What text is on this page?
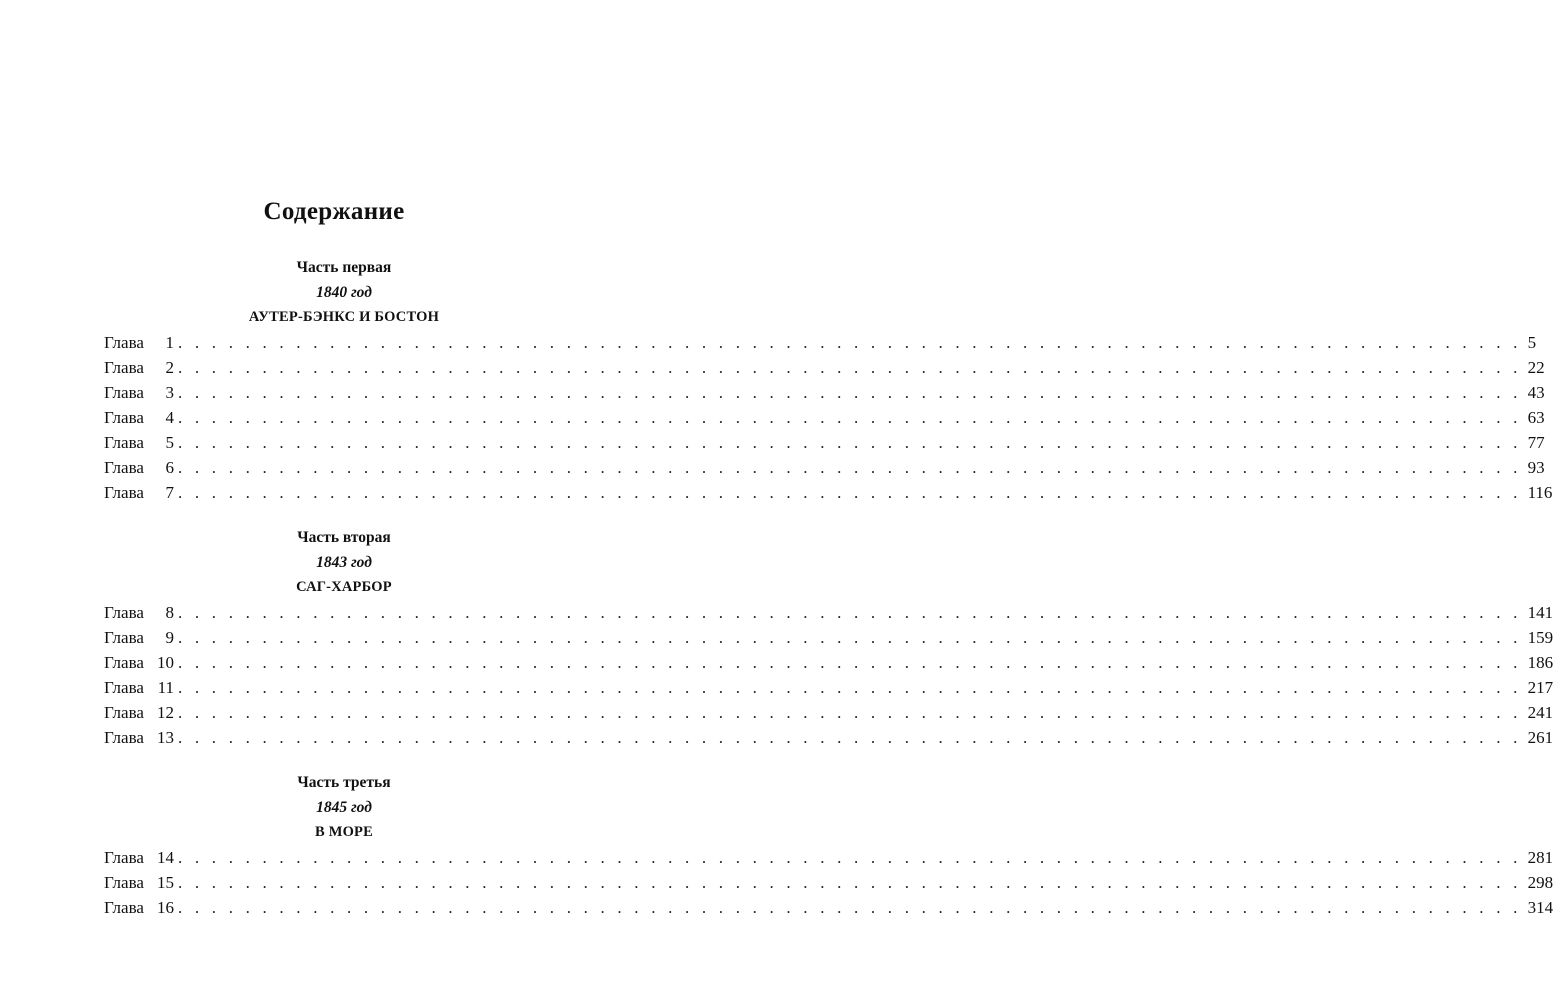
Содержание
Часть первая
1840 год
АУТЕР-БЭНКС И БОСТОН
Глава	1 . . . . . . . . . . . . . . . . . . . . . . . . . . . . . . . . . . . . . . . . . . . . . . . . . . . . . . . . . . . . . . . . . . . . . . . . . . . . . . . . 5
Глава	2 . . . . . . . . . . . . . . . . . . . . . . . . . . . . . . . . . . . . . . . . . . . . . . . . . . . . . . . . . . . . . . . . . . . . . . . . . . . . . . . . 22
Глава	3 . . . . . . . . . . . . . . . . . . . . . . . . . . . . . . . . . . . . . . . . . . . . . . . . . . . . . . . . . . . . . . . . . . . . . . . . . . . . . . . . 43
Глава	4 . . . . . . . . . . . . . . . . . . . . . . . . . . . . . . . . . . . . . . . . . . . . . . . . . . . . . . . . . . . . . . . . . . . . . . . . . . . . . . . . 63
Глава	5 . . . . . . . . . . . . . . . . . . . . . . . . . . . . . . . . . . . . . . . . . . . . . . . . . . . . . . . . . . . . . . . . . . . . . . . . . . . . . . . . 77
Глава	6 . . . . . . . . . . . . . . . . . . . . . . . . . . . . . . . . . . . . . . . . . . . . . . . . . . . . . . . . . . . . . . . . . . . . . . . . . . . . . . . . 93
Глава	7 . . . . . . . . . . . . . . . . . . . . . . . . . . . . . . . . . . . . . . . . . . . . . . . . . . . . . . . . . . . . . . . . . . . . . . . . . . . . . . . . 116
Часть вторая
1843 год
САГ-ХАРБОР
Глава	8 . . . . . . . . . . . . . . . . . . . . . . . . . . . . . . . . . . . . . . . . . . . . . . . . . . . . . . . . . . . . . . . . . . . . . . . . . . . . . . . . 141
Глава	9 . . . . . . . . . . . . . . . . . . . . . . . . . . . . . . . . . . . . . . . . . . . . . . . . . . . . . . . . . . . . . . . . . . . . . . . . . . . . . . . . 159
Глава 10 . . . . . . . . . . . . . . . . . . . . . . . . . . . . . . . . . . . . . . . . . . . . . . . . . . . . . . . . . . . . . . . . . . . . . . . . . . . . . . . . 186
Глава 11 . . . . . . . . . . . . . . . . . . . . . . . . . . . . . . . . . . . . . . . . . . . . . . . . . . . . . . . . . . . . . . . . . . . . . . . . . . . . . . . . 217
Глава 12 . . . . . . . . . . . . . . . . . . . . . . . . . . . . . . . . . . . . . . . . . . . . . . . . . . . . . . . . . . . . . . . . . . . . . . . . . . . . . . . . 241
Глава 13 . . . . . . . . . . . . . . . . . . . . . . . . . . . . . . . . . . . . . . . . . . . . . . . . . . . . . . . . . . . . . . . . . . . . . . . . . . . . . . . . 261
Часть третья
1845 год
В МОРЕ
Глава 14 . . . . . . . . . . . . . . . . . . . . . . . . . . . . . . . . . . . . . . . . . . . . . . . . . . . . . . . . . . . . . . . . . . . . . . . . . . . . . . . . 281
Глава 15 . . . . . . . . . . . . . . . . . . . . . . . . . . . . . . . . . . . . . . . . . . . . . . . . . . . . . . . . . . . . . . . . . . . . . . . . . . . . . . . . 298
Глава 16 . . . . . . . . . . . . . . . . . . . . . . . . . . . . . . . . . . . . . . . . . . . . . . . . . . . . . . . . . . . . . . . . . . . . . . . . . . . . . . . . 314
